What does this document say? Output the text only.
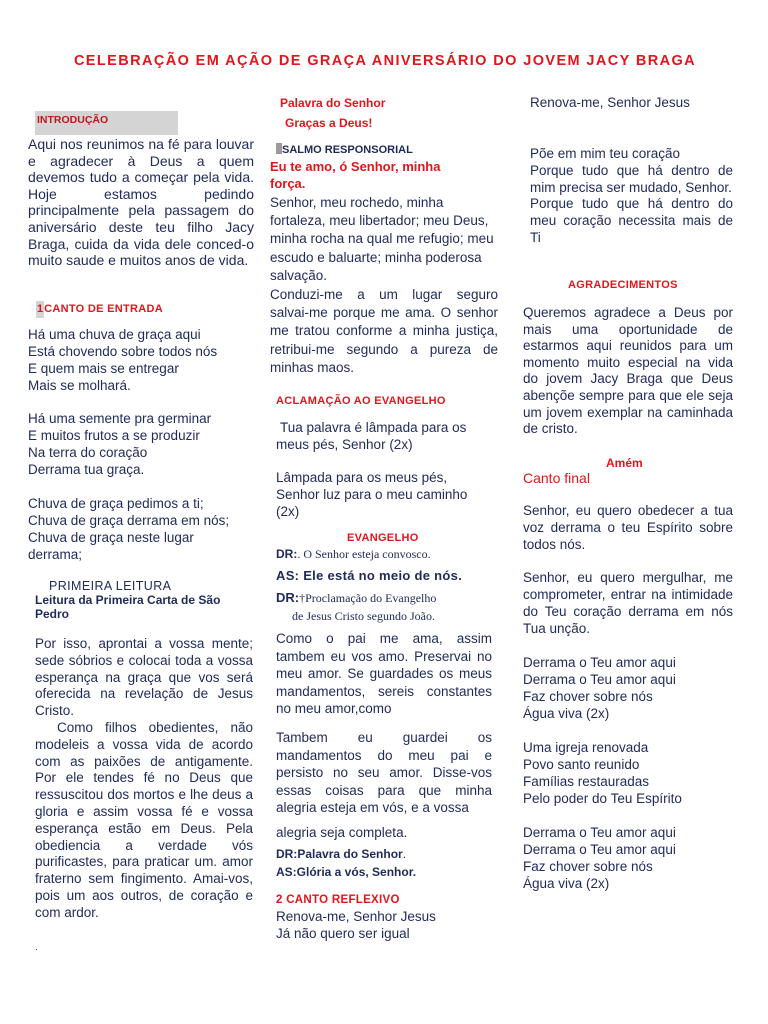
CELEBRAÇÃO EM AÇÃO DE GRAÇA ANIVERSÁRIO DO JOVEM JACY BRAGA
INTRODUÇÃO
Aqui nos reunimos na fé para louvar e agradecer à Deus a quem devemos tudo a começar pela vida. Hoje estamos pedindo principalmente pela passagem do aniversário deste teu filho Jacy Braga, cuida da vida dele conced-o muito saude e muitos anos de vida.
1CANTO DE ENTRADA
Há uma chuva de graça aqui
Está chovendo sobre todos nós
E quem mais se entregar
Mais se molhará.
Há uma semente pra germinar
E muitos frutos a se produzir
Na terra do coração
Derrama tua graça.
Chuva de graça pedimos a ti;
Chuva de graça derrama em nós;
Chuva de graça neste lugar
derrama;
PRIMEIRA LEITURA
Leitura da Primeira Carta de São Pedro
Por isso, aprontai a vossa mente; sede sóbrios e colocai toda a vossa esperança na graça que vos será oferecida na revelação de Jesus Cristo.
Como filhos obedientes, não modeleis a vossa vida de acordo com as paixões de antigamente. Por ele tendes fé no Deus que ressuscitou dos mortos e lhe deus a gloria e assim vossa fé e vossa esperança estão em Deus. Pela obediencia a verdade vós purificastes, para praticar um. amor fraterno sem fingimento. Amai-vos, pois um aos outros, de coração e com ardor.
.
Palavra do Senhor
Graças a Deus!
SALMO RESPONSORIAL
Eu te amo, ó Senhor, minha força.
Senhor, meu rochedo, minha fortaleza, meu libertador; meu Deus, minha rocha na qual me refugio; meu escudo e baluarte; minha poderosa salvação.
Conduzi-me a um lugar seguro salvai-me porque me ama. O senhor me tratou conforme a minha justiça, retribui-me segundo a pureza de minhas maos.
ACLAMAÇÃO AO EVANGELHO
Tua palavra é lâmpada para os meus pés, Senhor (2x)
Lâmpada para os meus pés, Senhor luz para o meu caminho (2x)
EVANGELHO
DR:. O Senhor esteja convosco.
AS: Ele está no meio de nós.
DR:†Proclamação do Evangelho
de Jesus Cristo segundo João.
Como o pai me ama, assim tambem eu vos amo. Preservai no meu amor. Se guardades os meus mandamentos, sereis constantes no meu amor,como
Tambem eu guardei os mandamentos do meu pai e persisto no seu amor. Disse-vos essas coisas para que minha alegria esteja em vós, e a vossa
alegria seja completa.
DR:Palavra do Senhor.
AS:Glória a vós, Senhor.
2 CANTO REFLEXIVO
Renova-me, Senhor Jesus
Já não quero ser igual
Renova-me, Senhor Jesus
Põe em mim teu coração
Porque tudo que há dentro de mim precisa ser mudado, Senhor.
Porque tudo que há dentro do meu coração necessita mais de Ti
AGRADECIMENTOS
Queremos agradece a Deus por mais uma oportunidade de estarmos aqui reunidos para um momento muito especial na vida do jovem Jacy Braga que Deus abençõe sempre para que ele seja um jovem exemplar na caminhada de cristo.
Amém
Canto final
Senhor, eu quero obedecer a tua voz derrama o teu Espírito sobre todos nós.
Senhor, eu quero mergulhar, me comprometer, entrar na intimidade do Teu coração derrama em nós Tua unção.
Derrama o Teu amor aqui
Derrama o Teu amor aqui
Faz chover sobre nós
Água viva (2x)
Uma igreja renovada
Povo santo reunido
Famílias restauradas
Pelo poder do Teu Espírito
Derrama o Teu amor aqui
Derrama o Teu amor aqui
Faz chover sobre nós
Água viva (2x)
